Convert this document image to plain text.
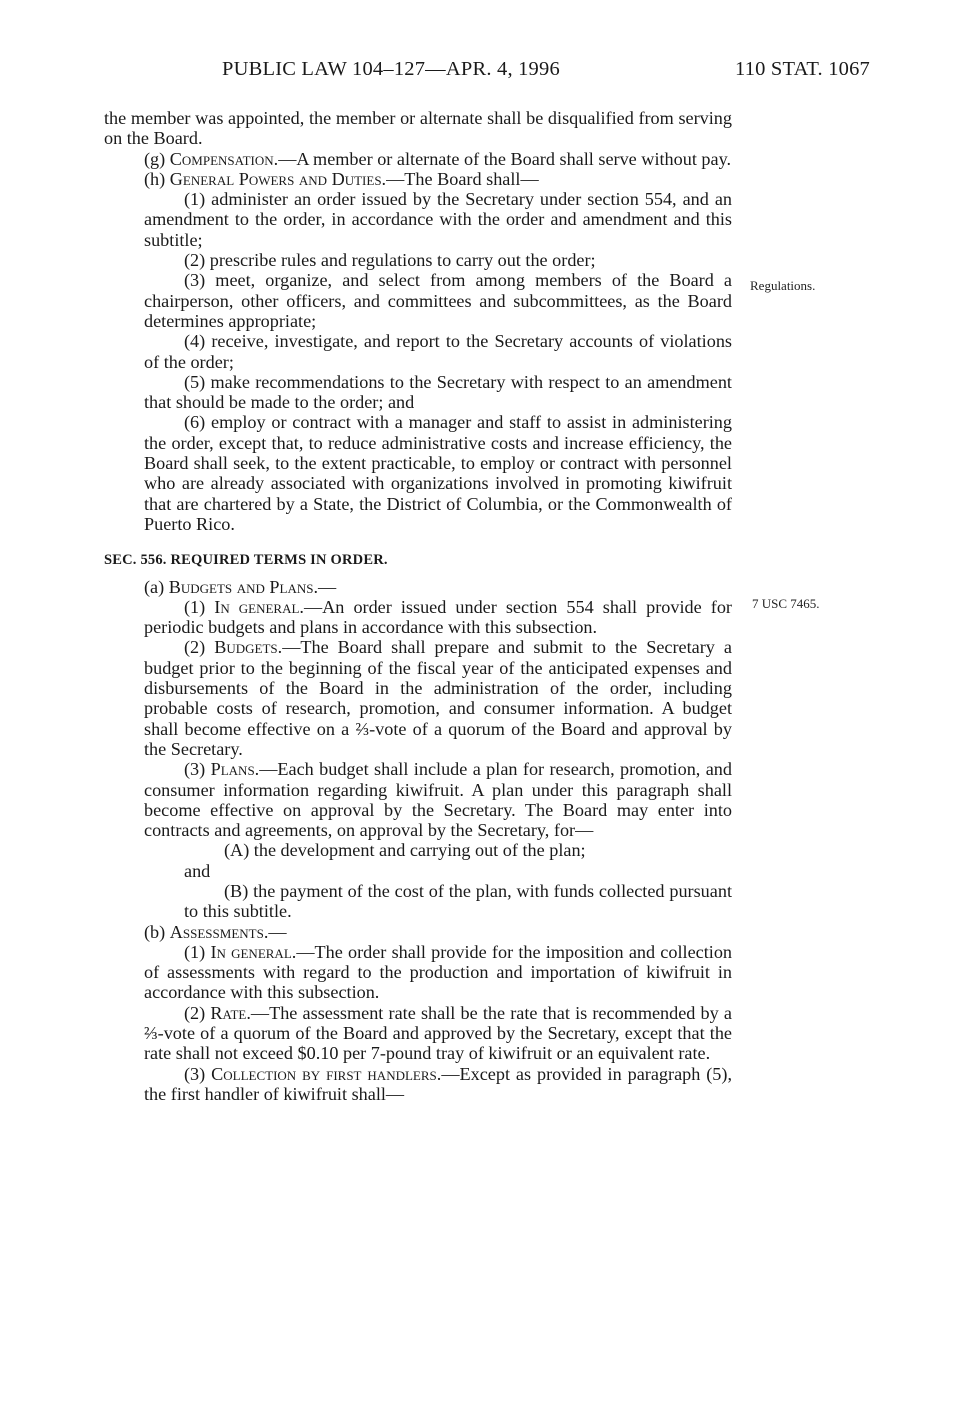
PUBLIC LAW 104–127—APR. 4, 1996	110 STAT. 1067
Regulations.
7 USC 7465.

the member was appointed, the member or alternate shall be disqualified from serving on the Board.

(g) Compensation.—A member or alternate of the Board shall serve without pay.

(h) General Powers and Duties.—The Board shall—

(1) administer an order issued by the Secretary under section 554, and an amendment to the order, in accordance with the order and amendment and this subtitle;

(2) prescribe rules and regulations to carry out the order;

(3) meet, organize, and select from among members of the Board a chairperson, other officers, and committees and subcommittees, as the Board determines appropriate;

(4) receive, investigate, and report to the Secretary accounts of violations of the order;

(5) make recommendations to the Secretary with respect to an amendment that should be made to the order; and

(6) employ or contract with a manager and staff to assist in administering the order, except that, to reduce administrative costs and increase efficiency, the Board shall seek, to the extent practicable, to employ or contract with personnel who are already associated with organizations involved in promoting kiwifruit that are chartered by a State, the District of Columbia, or the Commonwealth of Puerto Rico.

SEC. 556. REQUIRED TERMS IN ORDER.

(a) Budgets and Plans.—

(1) In general.—An order issued under section 554 shall provide for periodic budgets and plans in accordance with this subsection.

(2) Budgets.—The Board shall prepare and submit to the Secretary a budget prior to the beginning of the fiscal year of the anticipated expenses and disbursements of the Board in the administration of the order, including probable costs of research, promotion, and consumer information. A budget shall become effective on a ⅔-vote of a quorum of the Board and approval by the Secretary.

(3) Plans.—Each budget shall include a plan for research, promotion, and consumer information regarding kiwifruit. A plan under this paragraph shall become effective on approval by the Secretary. The Board may enter into contracts and agreements, on approval by the Secretary, for—

(A) the development and carrying out of the plan;

and

(B) the payment of the cost of the plan, with funds collected pursuant to this subtitle.

(b) Assessments.—

(1) In general.—The order shall provide for the imposition and collection of assessments with regard to the production and importation of kiwifruit in accordance with this subsection.

(2) Rate.—The assessment rate shall be the rate that is recommended by a ⅔-vote of a quorum of the Board and approved by the Secretary, except that the rate shall not exceed $0.10 per 7-pound tray of kiwifruit or an equivalent rate.

(3) Collection by first handlers.—Except as provided in paragraph (5), the first handler of kiwifruit shall—
